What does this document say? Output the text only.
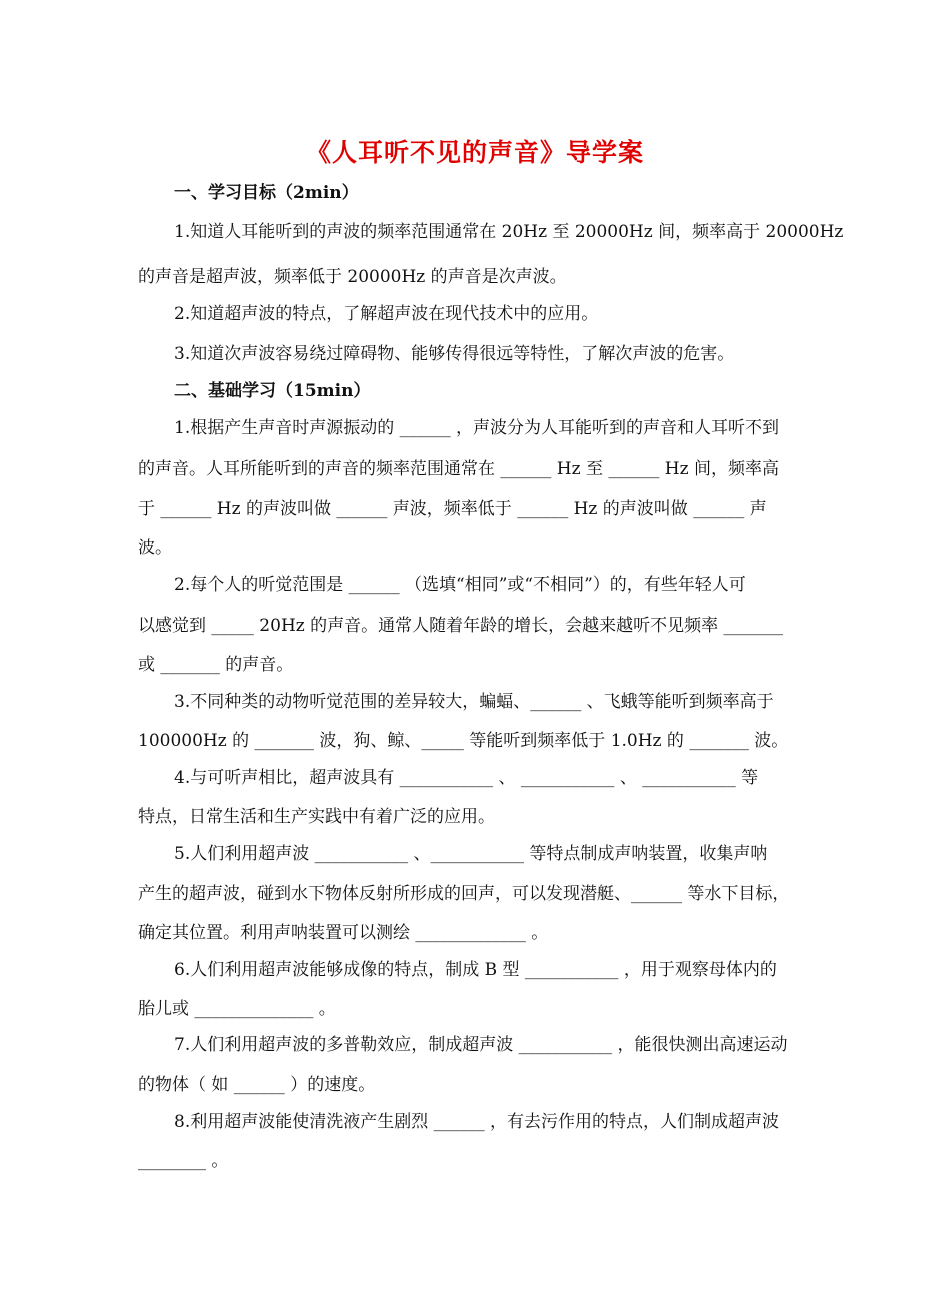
《人耳听不见的声音》导学案
一、学习目标（2min）
1.知道人耳能听到的声波的频率范围通常在 20Hz 至 20000Hz 间，频率高于 20000Hz
的声音是超声波，频率低于 20000Hz 的声音是次声波。
2.知道超声波的特点，了解超声波在现代技术中的应用。
3.知道次声波容易绕过障碍物、能够传得很远等特性，了解次声波的危害。
二、基础学习（15min）
1.根据产生声音时声源振动的 ______ ，声波分为人耳能听到的声音和人耳听不到
的声音。人耳所能听到的声音的频率范围通常在 ______ Hz 至 ______ Hz 间，频率高
于 ______ Hz 的声波叫做 ______ 声波，频率低于 ______ Hz 的声波叫做 ______ 声
波。
2.每个人的听觉范围是 ______ （选填“相同”或“不相同”）的，有些年轻人可
以感觉到 _____ 20Hz 的声音。通常人随着年龄的增长，会越来越听不见频率 _______
或 _______ 的声音。
3.不同种类的动物听觉范围的差异较大，蝙蝠、______ 、飞蛾等能听到频率高于
100000Hz 的 _______ 波，狗、鲸、_____ 等能听到频率低于 1.0Hz 的 _______ 波。
4.与可听声相比，超声波具有 ___________ 、 ___________ 、 ___________ 等
特点，日常生活和生产实践中有着广泛的应用。
5.人们利用超声波 ___________ 、___________ 等特点制成声呐装置，收集声呐
产生的超声波，碰到水下物体反射所形成的回声，可以发现潜艇、______ 等水下目标，
确定其位置。利用声呐装置可以测绘 _____________ 。
6.人们利用超声波能够成像的特点，制成 B 型 ___________ ，用于观察母体内的
胎儿或 ______________ 。
7.人们利用超声波的多普勒效应，制成超声波 ___________ ，能很快测出高速运动
的物体（ 如 ______ ）的速度。
8.利用超声波能使清洗液产生剧烈 ______ ，有去污作用的特点，人们制成超声波
________ 。
